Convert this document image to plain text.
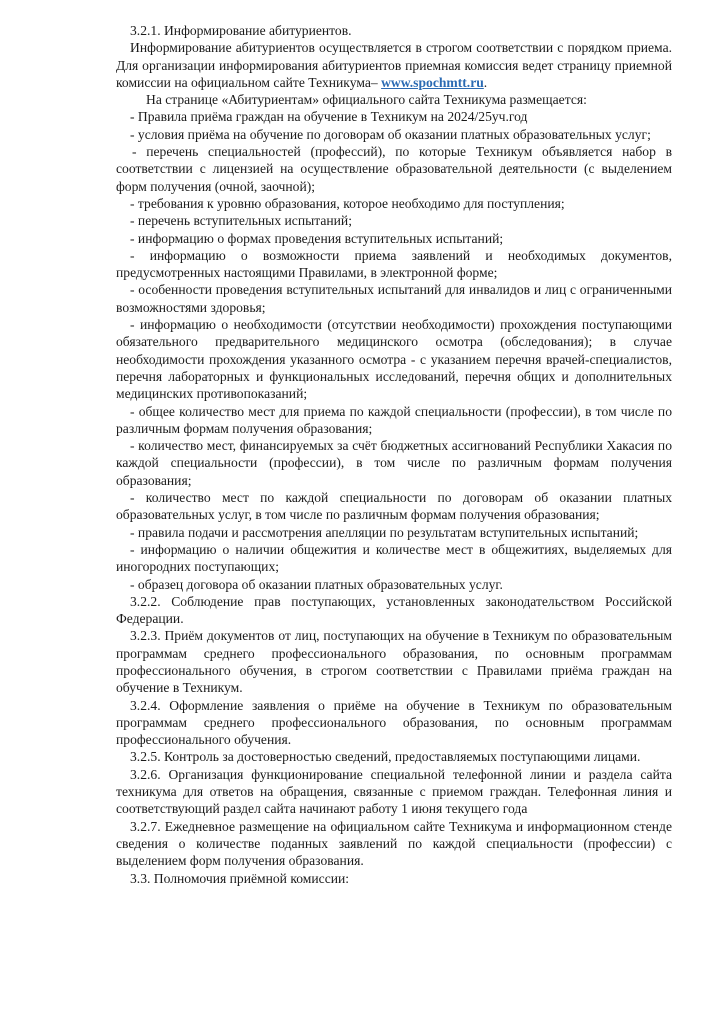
3.2.1. Информирование абитуриентов.

Информирование абитуриентов осуществляется в строгом соответствии с порядком приема. Для организации информирования абитуриентов приемная комиссия ведет страницу приемной комиссии на официальном сайте Техникума– www.spochmtt.ru.

На странице «Абитуриентам» официального сайта Техникума размещается:

- Правила приёма граждан на обучение в Техникум на 2024/25уч.год

- условия приёма на обучение по договорам об оказании платных образовательных услуг;

- перечень специальностей (профессий), по которые Техникум объявляется набор в соответствии с лицензией на осуществление образовательной деятельности (с выделением форм получения (очной, заочной);

- требования к уровню образования, которое необходимо для поступления;

- перечень вступительных испытаний;

- информацию о формах проведения вступительных испытаний;

- информацию о возможности приема заявлений и необходимых документов, предусмотренных настоящими Правилами, в электронной форме;

- особенности проведения вступительных испытаний для инвалидов и лиц с ограниченными возможностями здоровья;

- информацию о необходимости (отсутствии необходимости) прохождения поступающими обязательного предварительного медицинского осмотра (обследования); в случае необходимости прохождения указанного осмотра - с указанием перечня врачей-специалистов, перечня лабораторных и функциональных исследований, перечня общих и дополнительных медицинских противопоказаний;

- общее количество мест для приема по каждой специальности (профессии), в том числе по различным формам получения образования;

- количество мест, финансируемых за счёт бюджетных ассигнований Республики Хакасия по каждой специальности (профессии), в том числе по различным формам получения образования;

- количество мест по каждой специальности по договорам об оказании платных образовательных услуг, в том числе по различным формам получения образования;

- правила подачи и рассмотрения апелляции по результатам вступительных испытаний;

- информацию о наличии общежития и количестве мест в общежитиях, выделяемых для иногородних поступающих;

- образец договора об оказании платных образовательных услуг.

3.2.2. Соблюдение прав поступающих, установленных законодательством Российской Федерации.

3.2.3. Приём документов от лиц, поступающих на обучение в Техникум по образовательным программам среднего профессионального образования, по основным программам профессионального обучения, в строгом соответствии с Правилами приёма граждан на обучение в Техникум.

3.2.4. Оформление заявления о приёме на обучение в Техникум по образовательным программам среднего профессионального образования, по основным программам профессионального обучения.

3.2.5. Контроль за достоверностью сведений, предоставляемых поступающими лицами.

3.2.6. Организация функционирование специальной телефонной линии и раздела сайта техникума для ответов на обращения, связанные с приемом граждан. Телефонная линия и соответствующий раздел сайта начинают работу 1 июня текущего года

3.2.7. Ежедневное размещение на официальном сайте Техникума и информационном стенде сведения о количестве поданных заявлений по каждой специальности (профессии) с выделением форм получения образования.

3.3. Полномочия приёмной комиссии:
